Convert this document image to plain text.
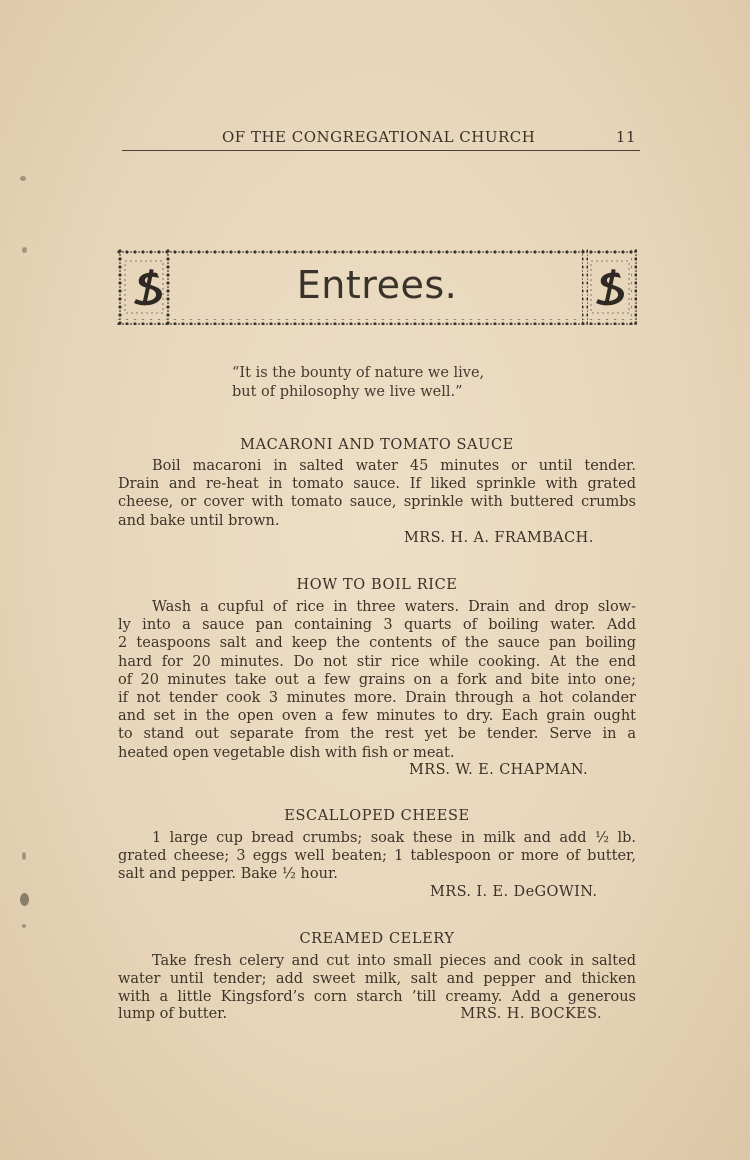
OF THE CONGREGATIONAL CHURCH	11
Entrees.
“It is the bounty of nature we live,
but of philosophy we live well.”
MACARONI AND TOMATO SAUCE
Boil macaroni in salted water 45 minutes or until tender.
Drain and re-heat in tomato sauce. If liked sprinkle with grated
cheese, or cover with tomato sauce, sprinkle with buttered crumbs
and bake until brown.
MRS. H. A. FRAMBACH.
HOW TO BOIL RICE
Wash a cupful of rice in three waters. Drain and drop slow-
ly into a sauce pan containing 3 quarts of boiling water. Add
2 teaspoons salt and keep the contents of the sauce pan boiling
hard for 20 minutes. Do not stir rice while cooking. At the end
of 20 minutes take out a few grains on a fork and bite into one;
if not tender cook 3 minutes more. Drain through a hot colander
and set in the open oven a few minutes to dry. Each grain ought
to stand out separate from the rest yet be tender. Serve in a
heated open vegetable dish with fish or meat.
MRS. W. E. CHAPMAN.
ESCALLOPED CHEESE
1 large cup bread crumbs; soak these in milk and add ½ lb.
grated cheese; 3 eggs well beaten; 1 tablespoon or more of butter,
salt and pepper. Bake ½ hour.
MRS. I. E. DeGOWIN.
CREAMED CELERY
Take fresh celery and cut into small pieces and cook in salted
water until tender; add sweet milk, salt and pepper and thicken
with a little Kingsford’s corn starch ’till creamy. Add a generous
lump of butter.	MRS. H. BOCKES.
